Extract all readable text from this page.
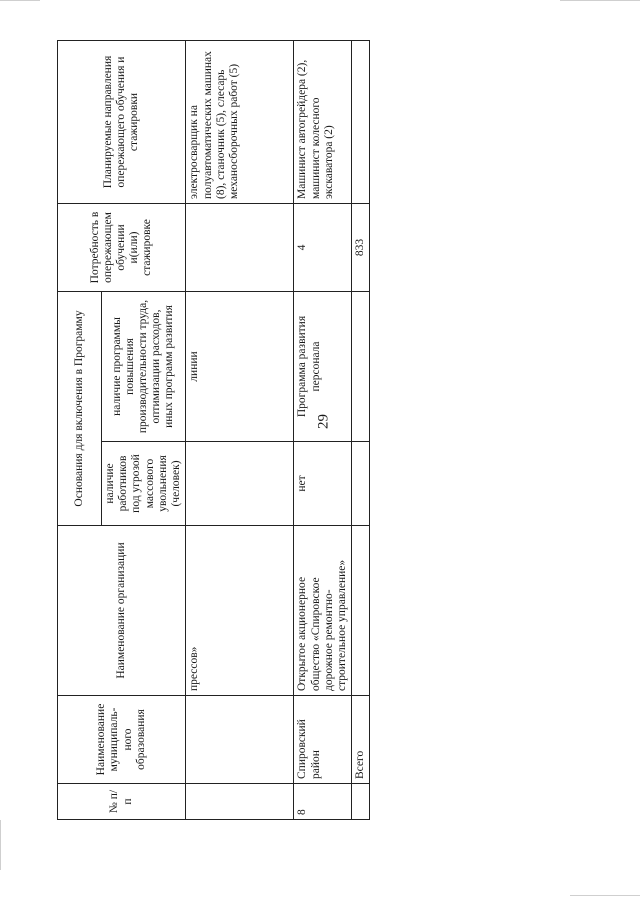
29
№ п/п	Наименование муниципаль- ного образования	Наименование организации	Основания для включения в Программу		Потребность в опережающем обучении и(или) стажировке	Планируемые направления опережающего обучения и стажировки
			наличие работников под угрозой массового увольнения (человек)	наличие программы повышения производительности труда, оптимизации расходов, иных программ развития		
		прессов»		линии		электросварщик на полуавтоматических машинах (8), станочник (5), слесарь механосборочных работ (5)
8	Спировский район	Открытое акционерное общество «Спировское дорожное ремонтно-строительное управление»	нет	Программа развития персонала	4	Машинист автогрейдера (2), машинист колесного экскаватора (2)
	Всего				833	
